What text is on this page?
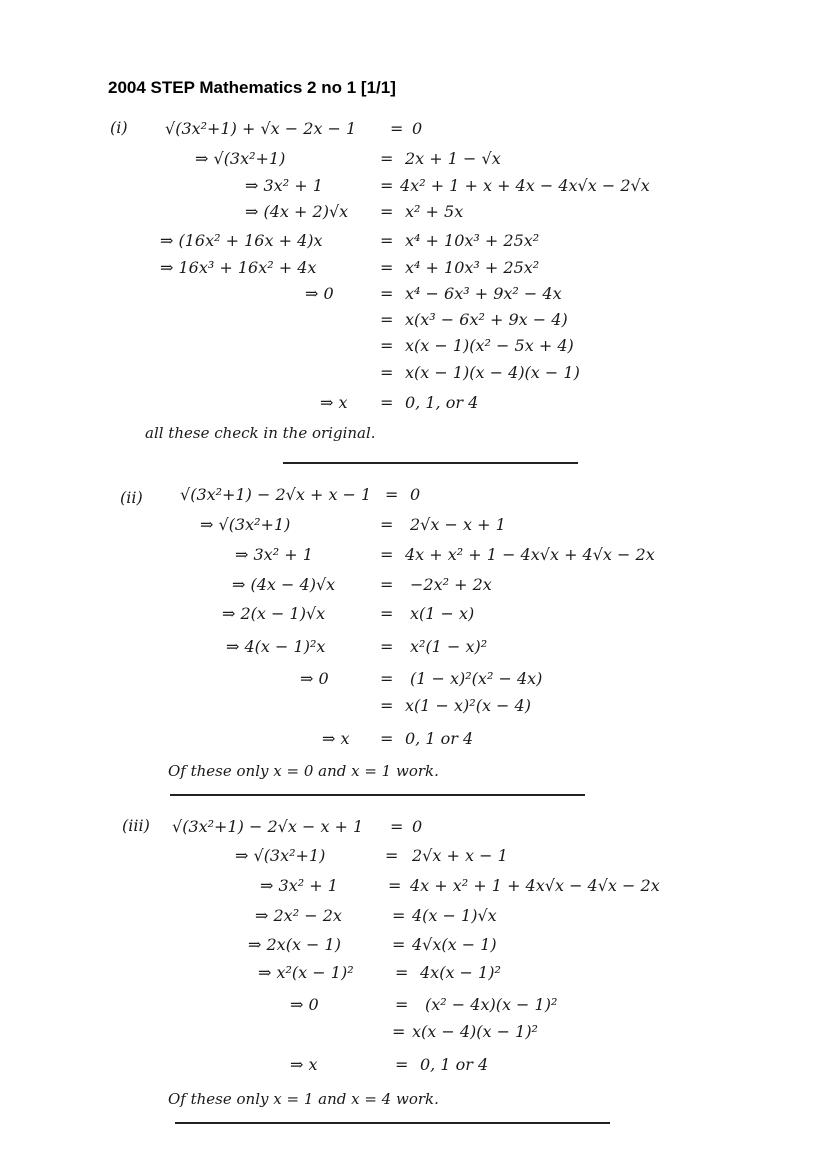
2004 STEP Mathematics 2 no 1 [1/1]
(i) √(3x²+1) + √x − 2x − 1 = 0
⇒ √(3x²+1)	= 2x + 1 − √x
⇒ 3x² + 1	= 4x² + 1 + x + 4x − 4x√x − 2√x
⇒ (4x + 2)√x = x² + 5x
⇒ (16x² + 16x + 4)x	= x⁴ + 10x³ + 25x²
⇒ 16x³ + 16x² + 4x	= x⁴ + 10x³ + 25x²
⇒ 0	= x⁴ − 6x³ + 9x² − 4x
= x(x³ − 6x² + 9x − 4)
= x(x − 1)(x² − 5x + 4)
= x(x − 1)(x − 4)(x − 1)
⇒ x = 0, 1, or 4
all these check in the original.
(ii) √(3x²+1) − 2√x + x − 1 = 0
⇒ √(3x²+1)	= 2√x − x + 1
⇒ 3x² + 1	= 4x + x² + 1 − 4x√x + 4√x − 2x
⇒ (4x − 4)√x	= −2x² + 2x
⇒ 2(x − 1)√x	= x(1 − x)
⇒ 4(x − 1)²x	= x²(1 − x)²
⇒ 0	= (1 − x)²(x² − 4x)
= x(1 − x)²(x − 4)
⇒ x = 0, 1 or 4
Of these only x = 0 and x = 1 work.
(iii) √(3x²+1) − 2√x − x + 1 = 0
⇒ √(3x²+1)	= 2√x + x − 1
⇒ 3x² + 1	= 4x + x² + 1 + 4x√x − 4√x − 2x
⇒ 2x² − 2x	= 4(x − 1)√x
⇒ 2x(x − 1)	= 4√x(x − 1)
⇒ x²(x − 1)²	= 4x(x − 1)²
⇒ 0	= (x² − 4x)(x − 1)²
= x(x − 4)(x − 1)²
⇒ x	= 0, 1 or 4
Of these only x = 1 and x = 4 work.
